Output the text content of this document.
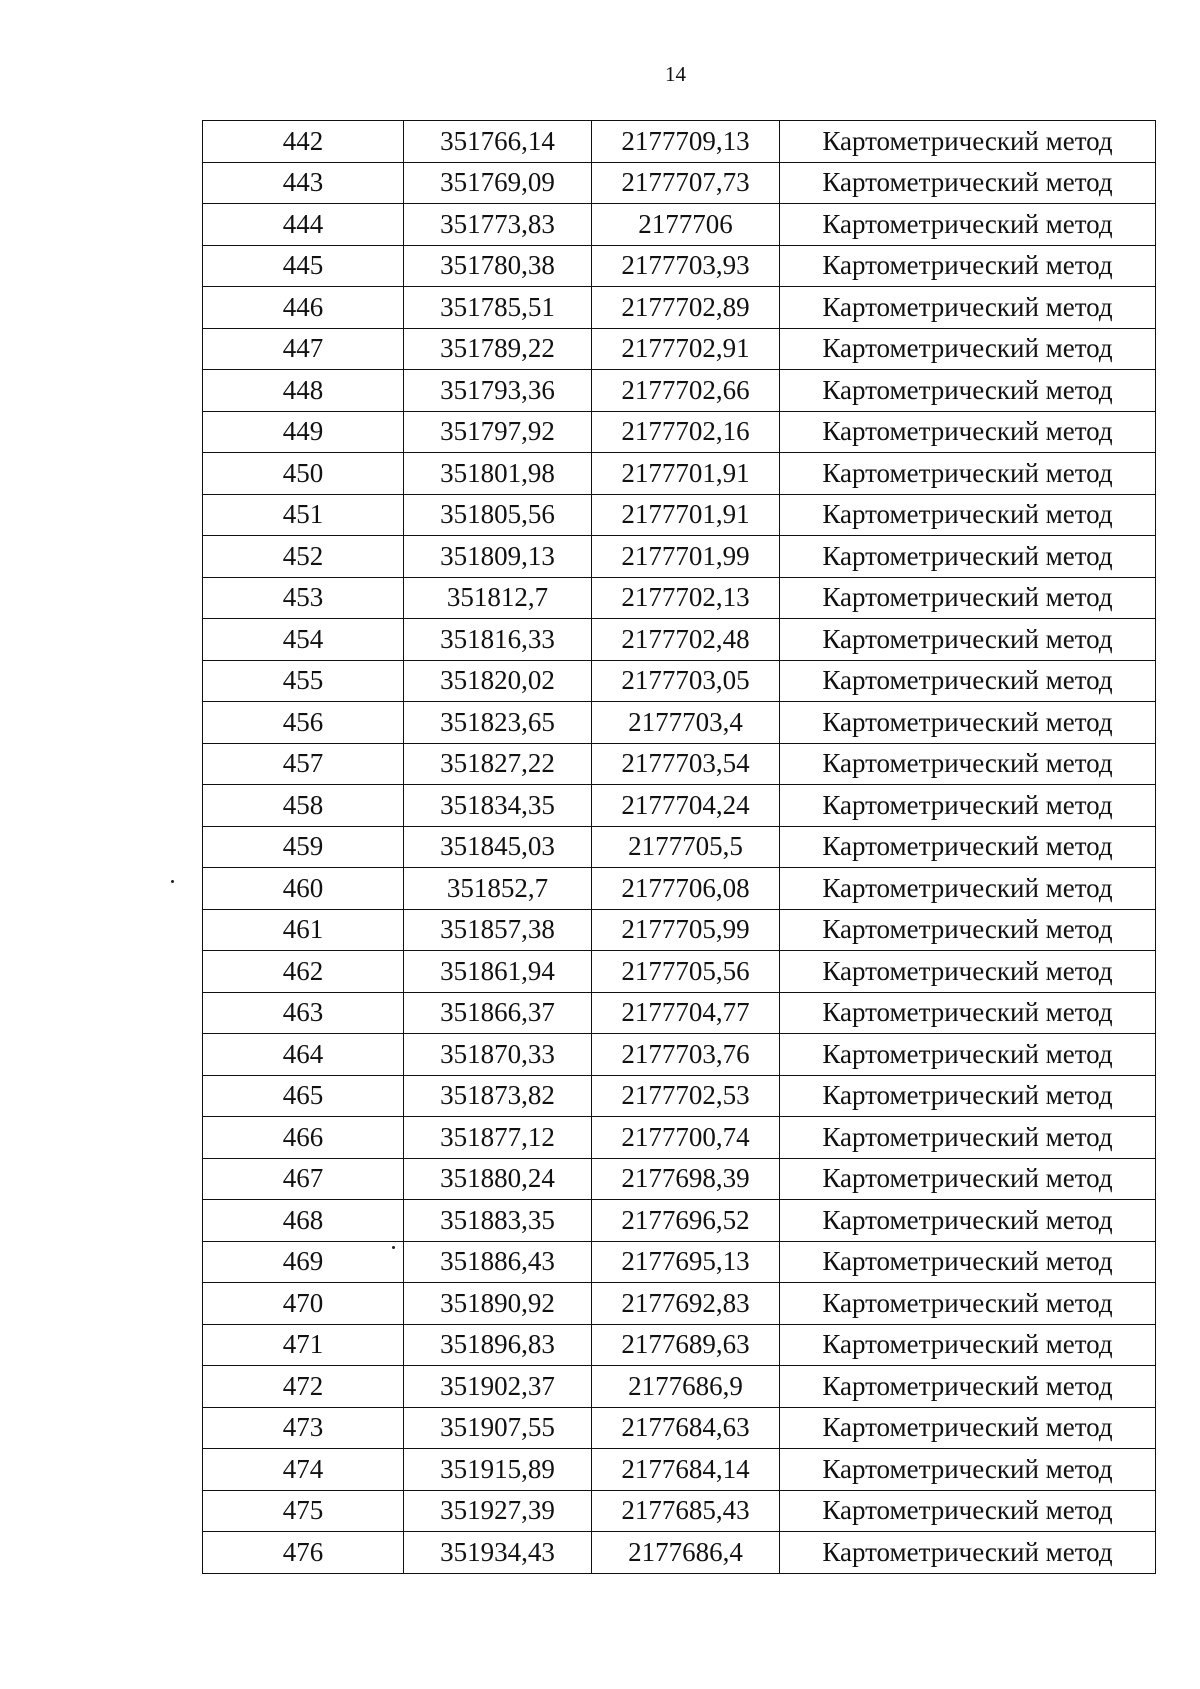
14
442	351766,14	2177709,13	Картометрический метод
443	351769,09	2177707,73	Картометрический метод
444	351773,83	2177706	Картометрический метод
445	351780,38	2177703,93	Картометрический метод
446	351785,51	2177702,89	Картометрический метод
447	351789,22	2177702,91	Картометрический метод
448	351793,36	2177702,66	Картометрический метод
449	351797,92	2177702,16	Картометрический метод
450	351801,98	2177701,91	Картометрический метод
451	351805,56	2177701,91	Картометрический метод
452	351809,13	2177701,99	Картометрический метод
453	351812,7	2177702,13	Картометрический метод
454	351816,33	2177702,48	Картометрический метод
455	351820,02	2177703,05	Картометрический метод
456	351823,65	2177703,4	Картометрический метод
457	351827,22	2177703,54	Картометрический метод
458	351834,35	2177704,24	Картометрический метод
459	351845,03	2177705,5	Картометрический метод
460	351852,7	2177706,08	Картометрический метод
461	351857,38	2177705,99	Картометрический метод
462	351861,94	2177705,56	Картометрический метод
463	351866,37	2177704,77	Картометрический метод
464	351870,33	2177703,76	Картометрический метод
465	351873,82	2177702,53	Картометрический метод
466	351877,12	2177700,74	Картометрический метод
467	351880,24	2177698,39	Картометрический метод
468	351883,35	2177696,52	Картометрический метод
469	351886,43	2177695,13	Картометрический метод
470	351890,92	2177692,83	Картометрический метод
471	351896,83	2177689,63	Картометрический метод
472	351902,37	2177686,9	Картометрический метод
473	351907,55	2177684,63	Картометрический метод
474	351915,89	2177684,14	Картометрический метод
475	351927,39	2177685,43	Картометрический метод
476	351934,43	2177686,4	Картометрический метод
